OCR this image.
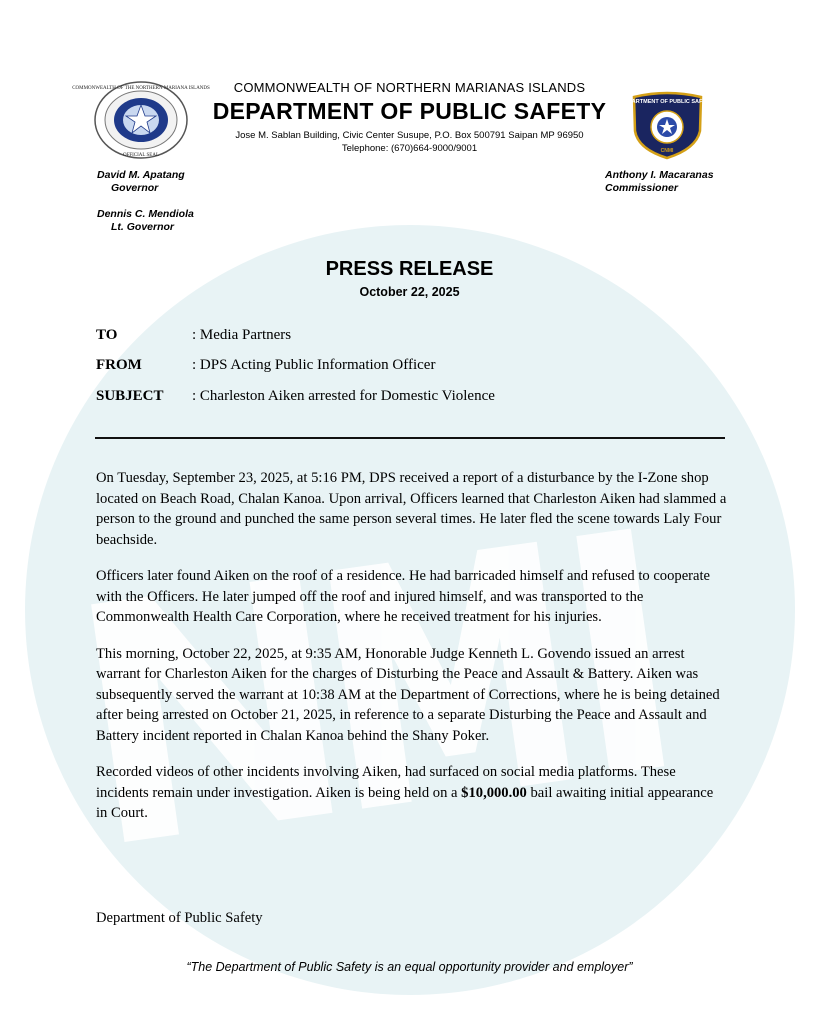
COMMONWEALTH OF THE NORTHERN MARIANA ISLANDS
OFFICIAL SEAL
DEPARTMENT OF PUBLIC SAFETY
CNMI
COMMONWEALTH OF NORTHERN MARIANAS ISLANDS
DEPARTMENT OF PUBLIC SAFETY
Jose M. Sablan Building, Civic Center Susupe, P.O. Box 500791 Saipan MP 96950
Telephone: (670)664-9000/9001
David M. Apatang
Governor
Dennis C. Mendiola
Lt. Governor
Anthony I. Macaranas
Commissioner
PRESS RELEASE
October 22, 2025
TO	: Media Partners
FROM	: DPS Acting Public Information Officer
SUBJECT : Charleston Aiken arrested for Domestic Violence

On Tuesday, September 23, 2025, at 5:16 PM, DPS received a report of a disturbance by the I-Zone shop located on Beach Road, Chalan Kanoa. Upon arrival, Officers learned that Charleston Aiken had slammed a person to the ground and punched the same person several times. He later fled the scene towards Laly Four beachside.

Officers later found Aiken on the roof of a residence. He had barricaded himself and refused to cooperate with the Officers. He later jumped off the roof and injured himself, and was transported to the Commonwealth Health Care Corporation, where he received treatment for his injuries.

This morning, October 22, 2025, at 9:35 AM, Honorable Judge Kenneth L. Govendo issued an arrest warrant for Charleston Aiken for the charges of Disturbing the Peace and Assault & Battery. Aiken was subsequently served the warrant at 10:38 AM at the Department of Corrections, where he is being detained after being arrested on October 21, 2025, in reference to a separate Disturbing the Peace and Assault and Battery incident reported in Chalan Kanoa behind the Shany Poker.

Recorded videos of other incidents involving Aiken, had surfaced on social media platforms. These incidents remain under investigation. Aiken is being held on a $10,000.00 bail awaiting initial appearance in Court.

Department of Public Safety
“The Department of Public Safety is an equal opportunity provider and employer”
